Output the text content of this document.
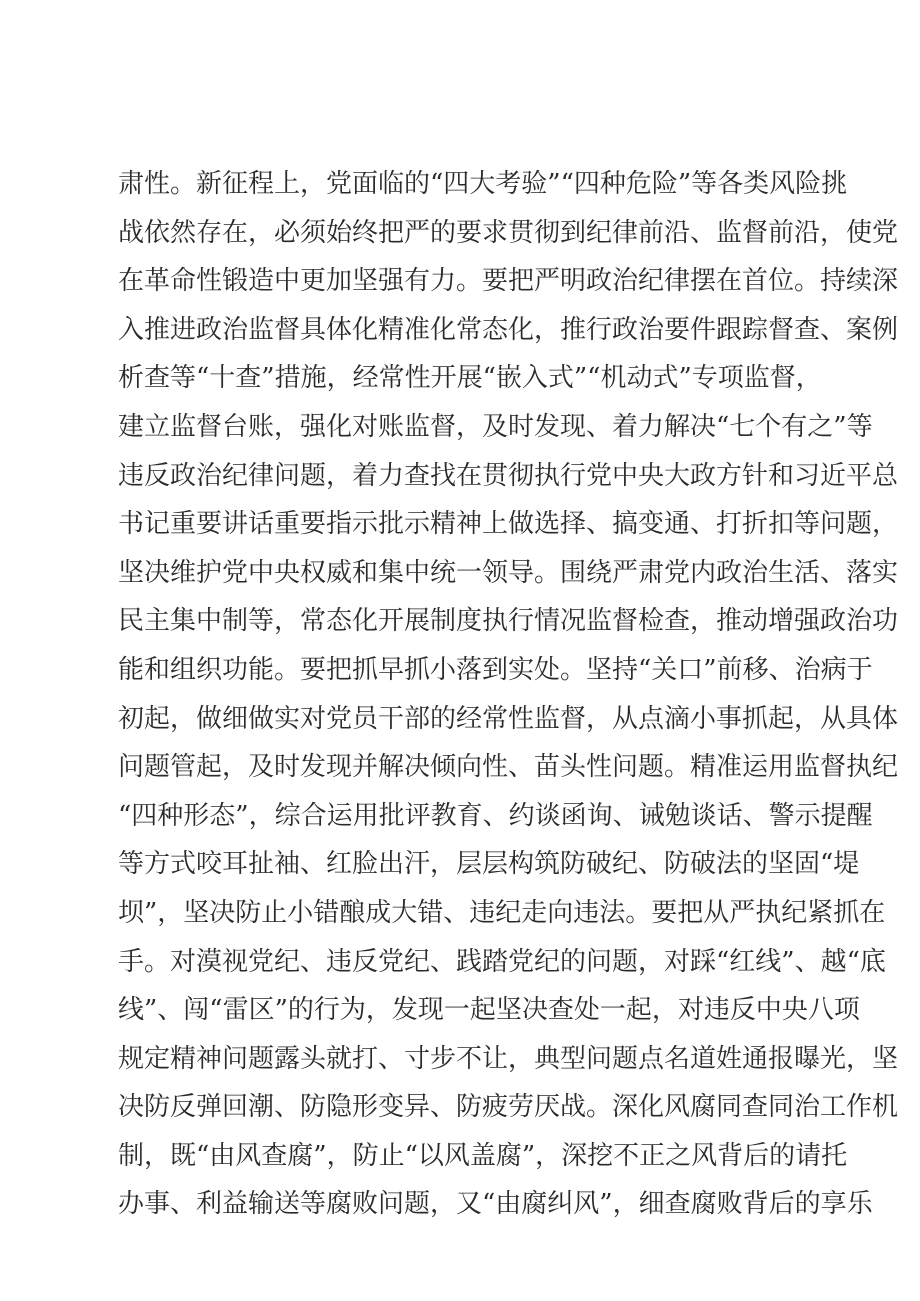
肃性。新征程上，党面临的“四大考验”“四种危险”等各类风险挑
战依然存在，必须始终把严的要求贯彻到纪律前沿、监督前沿，使党
在革命性锻造中更加坚强有力。要把严明政治纪律摆在首位。持续深
入推进政治监督具体化精准化常态化，推行政治要件跟踪督查、案例
析查等“十查”措施，经常性开展“嵌入式”“机动式”专项监督，
建立监督台账，强化对账监督，及时发现、着力解决“七个有之”等
违反政治纪律问题，着力查找在贯彻执行党中央大政方针和习近平总
书记重要讲话重要指示批示精神上做选择、搞变通、打折扣等问题，
坚决维护党中央权威和集中统一领导。围绕严肃党内政治生活、落实
民主集中制等，常态化开展制度执行情况监督检查，推动增强政治功
能和组织功能。要把抓早抓小落到实处。坚持“关口”前移、治病于
初起，做细做实对党员干部的经常性监督，从点滴小事抓起，从具体
问题管起，及时发现并解决倾向性、苗头性问题。精准运用监督执纪
“四种形态”，综合运用批评教育、约谈函询、诫勉谈话、警示提醒
等方式咬耳扯袖、红脸出汗，层层构筑防破纪、防破法的坚固“堤
坝”，坚决防止小错酿成大错、违纪走向违法。要把从严执纪紧抓在
手。对漠视党纪、违反党纪、践踏党纪的问题，对踩“红线”、越“底
线”、闯“雷区”的行为，发现一起坚决查处一起，对违反中央八项
规定精神问题露头就打、寸步不让，典型问题点名道姓通报曝光，坚
决防反弹回潮、防隐形变异、防疲劳厌战。深化风腐同查同治工作机
制，既“由风查腐”，防止“以风盖腐”，深挖不正之风背后的请托
办事、利益输送等腐败问题，又“由腐纠风”，细查腐败背后的享乐
